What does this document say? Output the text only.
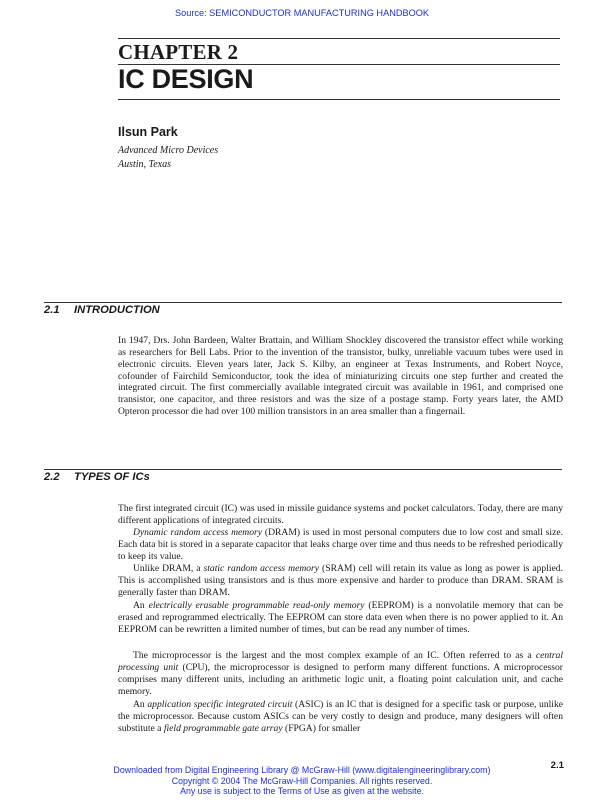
Source: SEMICONDUCTOR MANUFACTURING HANDBOOK
CHAPTER 2
IC DESIGN
Ilsun Park
Advanced Micro Devices
Austin, Texas
2.1 INTRODUCTION

In 1947, Drs. John Bardeen, Walter Brattain, and William Shockley discovered the transistor effect while working as researchers for Bell Labs. Prior to the invention of the transistor, bulky, unreliable vacuum tubes were used in electronic circuits. Eleven years later, Jack S. Kilby, an engineer at Texas Instruments, and Robert Noyce, cofounder of Fairchild Semiconductor, took the idea of miniaturizing circuits one step further and created the integrated circuit. The first commercially available integrated circuit was available in 1961, and comprised one transistor, one capacitor, and three resistors and was the size of a postage stamp. Forty years later, the AMD Opteron processor die had over 100 million transistors in an area smaller than a fingernail.

2.2 TYPES OF ICs

The first integrated circuit (IC) was used in missile guidance systems and pocket calculators. Today, there are many different applications of integrated circuits.

Dynamic random access memory (DRAM) is used in most personal computers due to low cost and small size. Each data bit is stored in a separate capacitor that leaks charge over time and thus needs to be refreshed periodically to keep its value.

Unlike DRAM, a static random access memory (SRAM) cell will retain its value as long as power is applied. This is accomplished using transistors and is thus more expensive and harder to produce than DRAM. SRAM is generally faster than DRAM.

An electrically erasable programmable read-only memory (EEPROM) is a nonvolatile memory that can be erased and reprogrammed electrically. The EEPROM can store data even when there is no power applied to it. An EEPROM can be rewritten a limited number of times, but can be read any number of times.

The microprocessor is the largest and the most complex example of an IC. Often referred to as a central processing unit (CPU), the microprocessor is designed to perform many different functions. A microprocessor comprises many different units, including an arithmetic logic unit, a floating point calculation unit, and cache memory.

An application specific integrated circuit (ASIC) is an IC that is designed for a specific task or purpose, unlike the microprocessor. Because custom ASICs can be very costly to design and produce, many designers will often substitute a field programmable gate array (FPGA) for smaller

2.1
Downloaded from Digital Engineering Library @ McGraw-Hill (www.digitalengineeringlibrary.com)
Copyright © 2004 The McGraw-Hill Companies. All rights reserved.
Any use is subject to the Terms of Use as given at the website.
